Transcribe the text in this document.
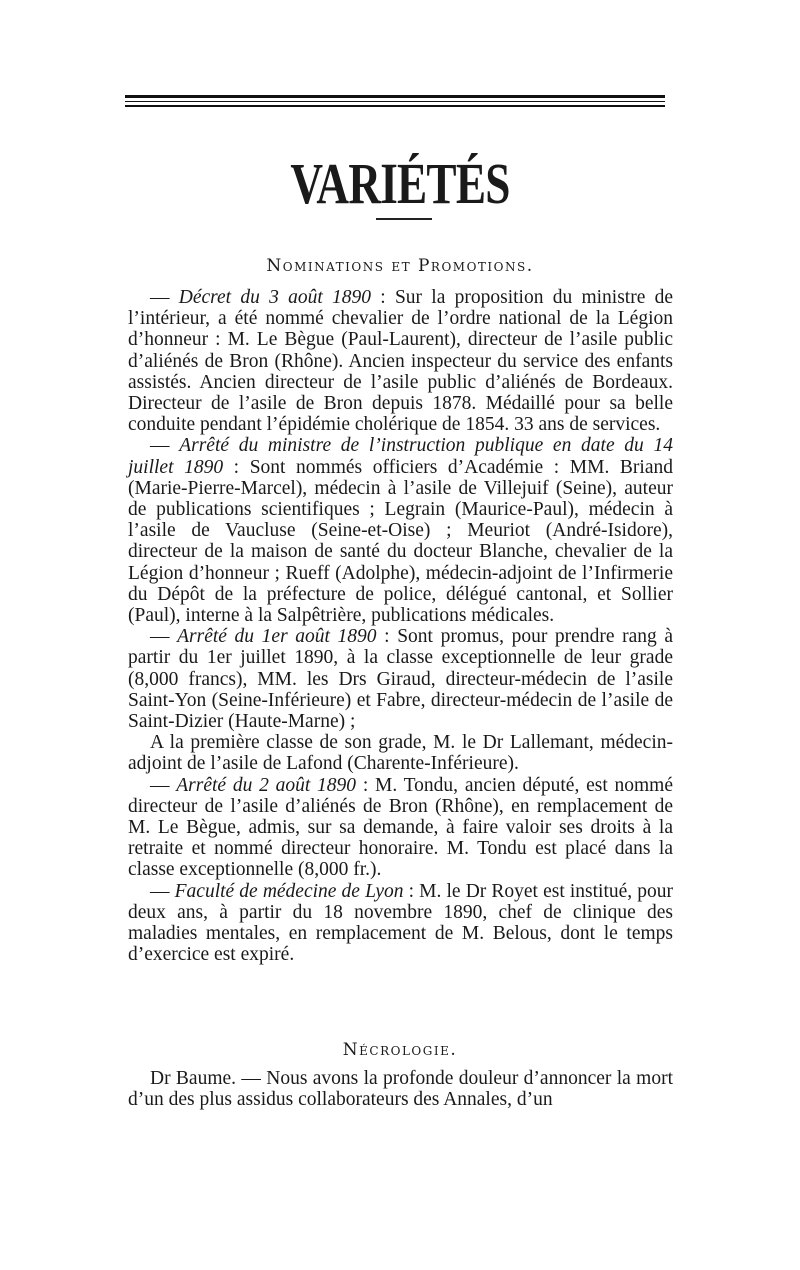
VARIÉTÉS
Nominations et Promotions.

— Décret du 3 août 1890 : Sur la proposition du ministre de l’intérieur, a été nommé chevalier de l’ordre national de la Légion d’honneur : M. Le Bègue (Paul-Laurent), directeur de l’asile public d’aliénés de Bron (Rhône). Ancien inspecteur du service des enfants assistés. Ancien directeur de l’asile public d’aliénés de Bordeaux. Directeur de l’asile de Bron depuis 1878. Médaillé pour sa belle conduite pendant l’épidémie cholérique de 1854. 33 ans de services.

— Arrêté du ministre de l’instruction publique en date du 14 juillet 1890 : Sont nommés officiers d’Académie : MM. Briand (Marie-Pierre-Marcel), médecin à l’asile de Villejuif (Seine), auteur de publications scientifiques ; Legrain (Maurice-Paul), médecin à l’asile de Vaucluse (Seine-et-Oise) ; Meuriot (André-Isidore), directeur de la maison de santé du docteur Blanche, chevalier de la Légion d’honneur ; Rueff (Adolphe), médecin-adjoint de l’Infirmerie du Dépôt de la préfecture de police, délégué cantonal, et Sollier (Paul), interne à la Salpêtrière, publications médicales.

— Arrêté du 1er août 1890 : Sont promus, pour prendre rang à partir du 1er juillet 1890, à la classe exceptionnelle de leur grade (8,000 francs), MM. les Drs Giraud, directeur-médecin de l’asile Saint-Yon (Seine-Inférieure) et Fabre, directeur-médecin de l’asile de Saint-Dizier (Haute-Marne) ;

A la première classe de son grade, M. le Dr Lallemant, médecin-adjoint de l’asile de Lafond (Charente-Inférieure).

— Arrêté du 2 août 1890 : M. Tondu, ancien député, est nommé directeur de l’asile d’aliénés de Bron (Rhône), en remplacement de M. Le Bègue, admis, sur sa demande, à faire valoir ses droits à la retraite et nommé directeur honoraire. M. Tondu est placé dans la classe exceptionnelle (8,000 fr.).

— Faculté de médecine de Lyon : M. le Dr Royet est institué, pour deux ans, à partir du 18 novembre 1890, chef de clinique des maladies mentales, en remplacement de M. Belous, dont le temps d’exercice est expiré.

Nécrologie.

Dr Baume. — Nous avons la profonde douleur d’annoncer la mort d’un des plus assidus collaborateurs des Annales, d’un
